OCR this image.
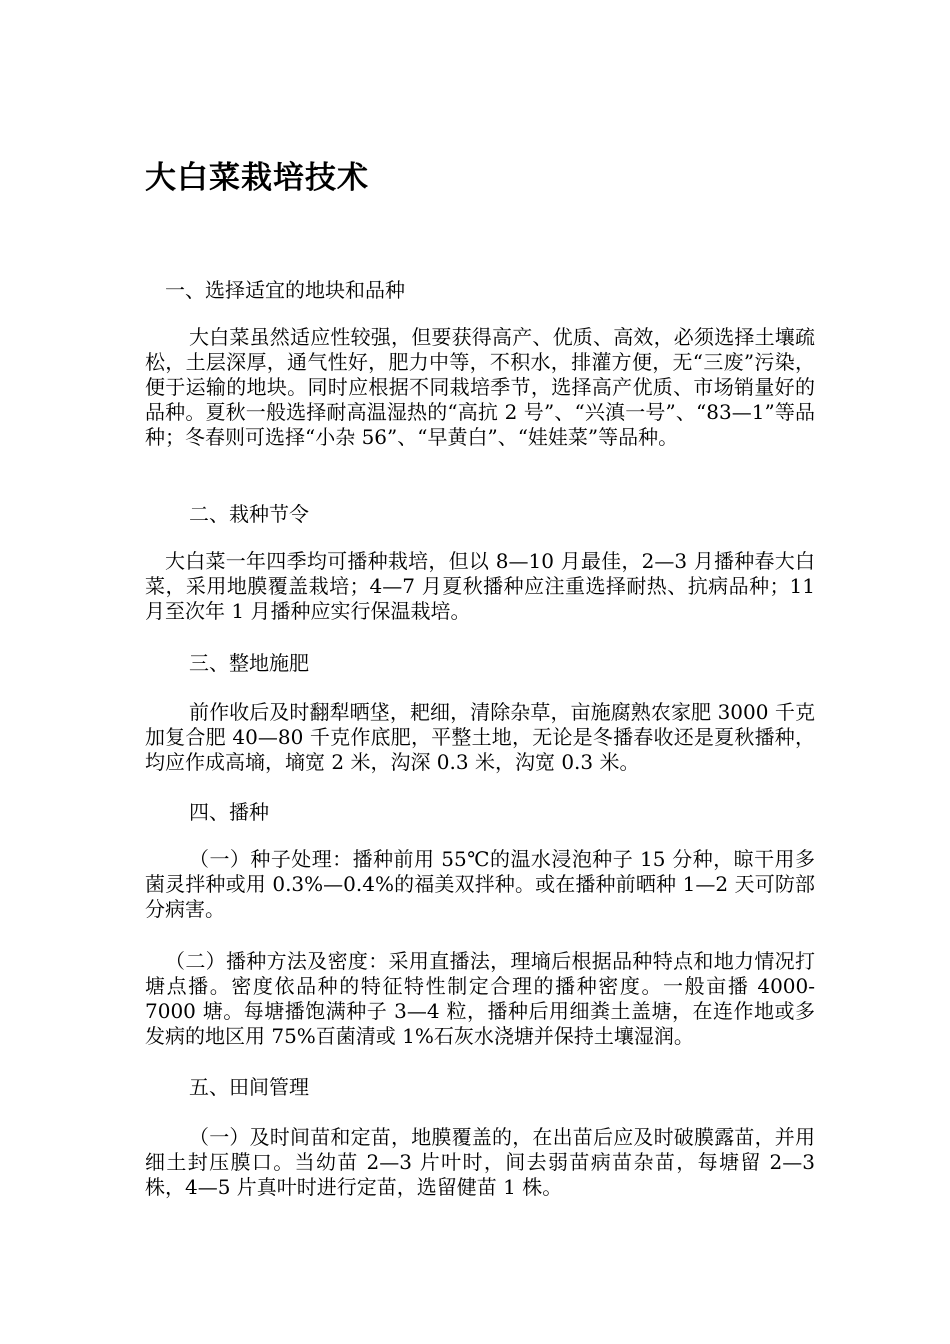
大白菜栽培技术

一、选择适宜的地块和品种

大白菜虽然适应性较强，但要获得高产、优质、高效，必须选择土壤疏松，土层深厚，通气性好，肥力中等，不积水，排灌方便，无“三废”污染，便于运输的地块。同时应根据不同栽培季节，选择高产优质、市场销量好的品种。夏秋一般选择耐高温湿热的“高抗 2 号”、“兴滇一号”、“83—1”等品种；冬春则可选择“小杂 56”、“早黄白”、“娃娃菜”等品种。

二、栽种节令

大白菜一年四季均可播种栽培，但以 8—10 月最佳，2—3 月播种春大白菜，采用地膜覆盖栽培；4—7 月夏秋播种应注重选择耐热、抗病品种；11 月至次年 1 月播种应实行保温栽培。

三、整地施肥

前作收后及时翻犁晒垡，耙细，清除杂草，亩施腐熟农家肥 3000 千克加复合肥 40—80 千克作底肥，平整土地，无论是冬播春收还是夏秋播种，均应作成高墒，墒宽 2 米，沟深 0.3 米，沟宽 0.3 米。

四、播种

（一）种子处理：播种前用 55℃的温水浸泡种子 15 分种，晾干用多菌灵拌种或用 0.3%—0.4%的福美双拌种。或在播种前晒种 1—2 天可防部分病害。

（二）播种方法及密度：采用直播法，理墒后根据品种特点和地力情况打塘点播。密度依品种的特征特性制定合理的播种密度。一般亩播 4000-7000 塘。每塘播饱满种子 3—4 粒，播种后用细粪土盖塘，在连作地或多发病的地区用 75%百菌清或 1%石灰水浇塘并保持土壤湿润。

五、田间管理

（一）及时间苗和定苗，地膜覆盖的，在出苗后应及时破膜露苗，并用细土封压膜口。当幼苗 2—3 片叶时，间去弱苗病苗杂苗，每塘留 2—3 株，4—5 片真叶时进行定苗，选留健苗 1 株。
